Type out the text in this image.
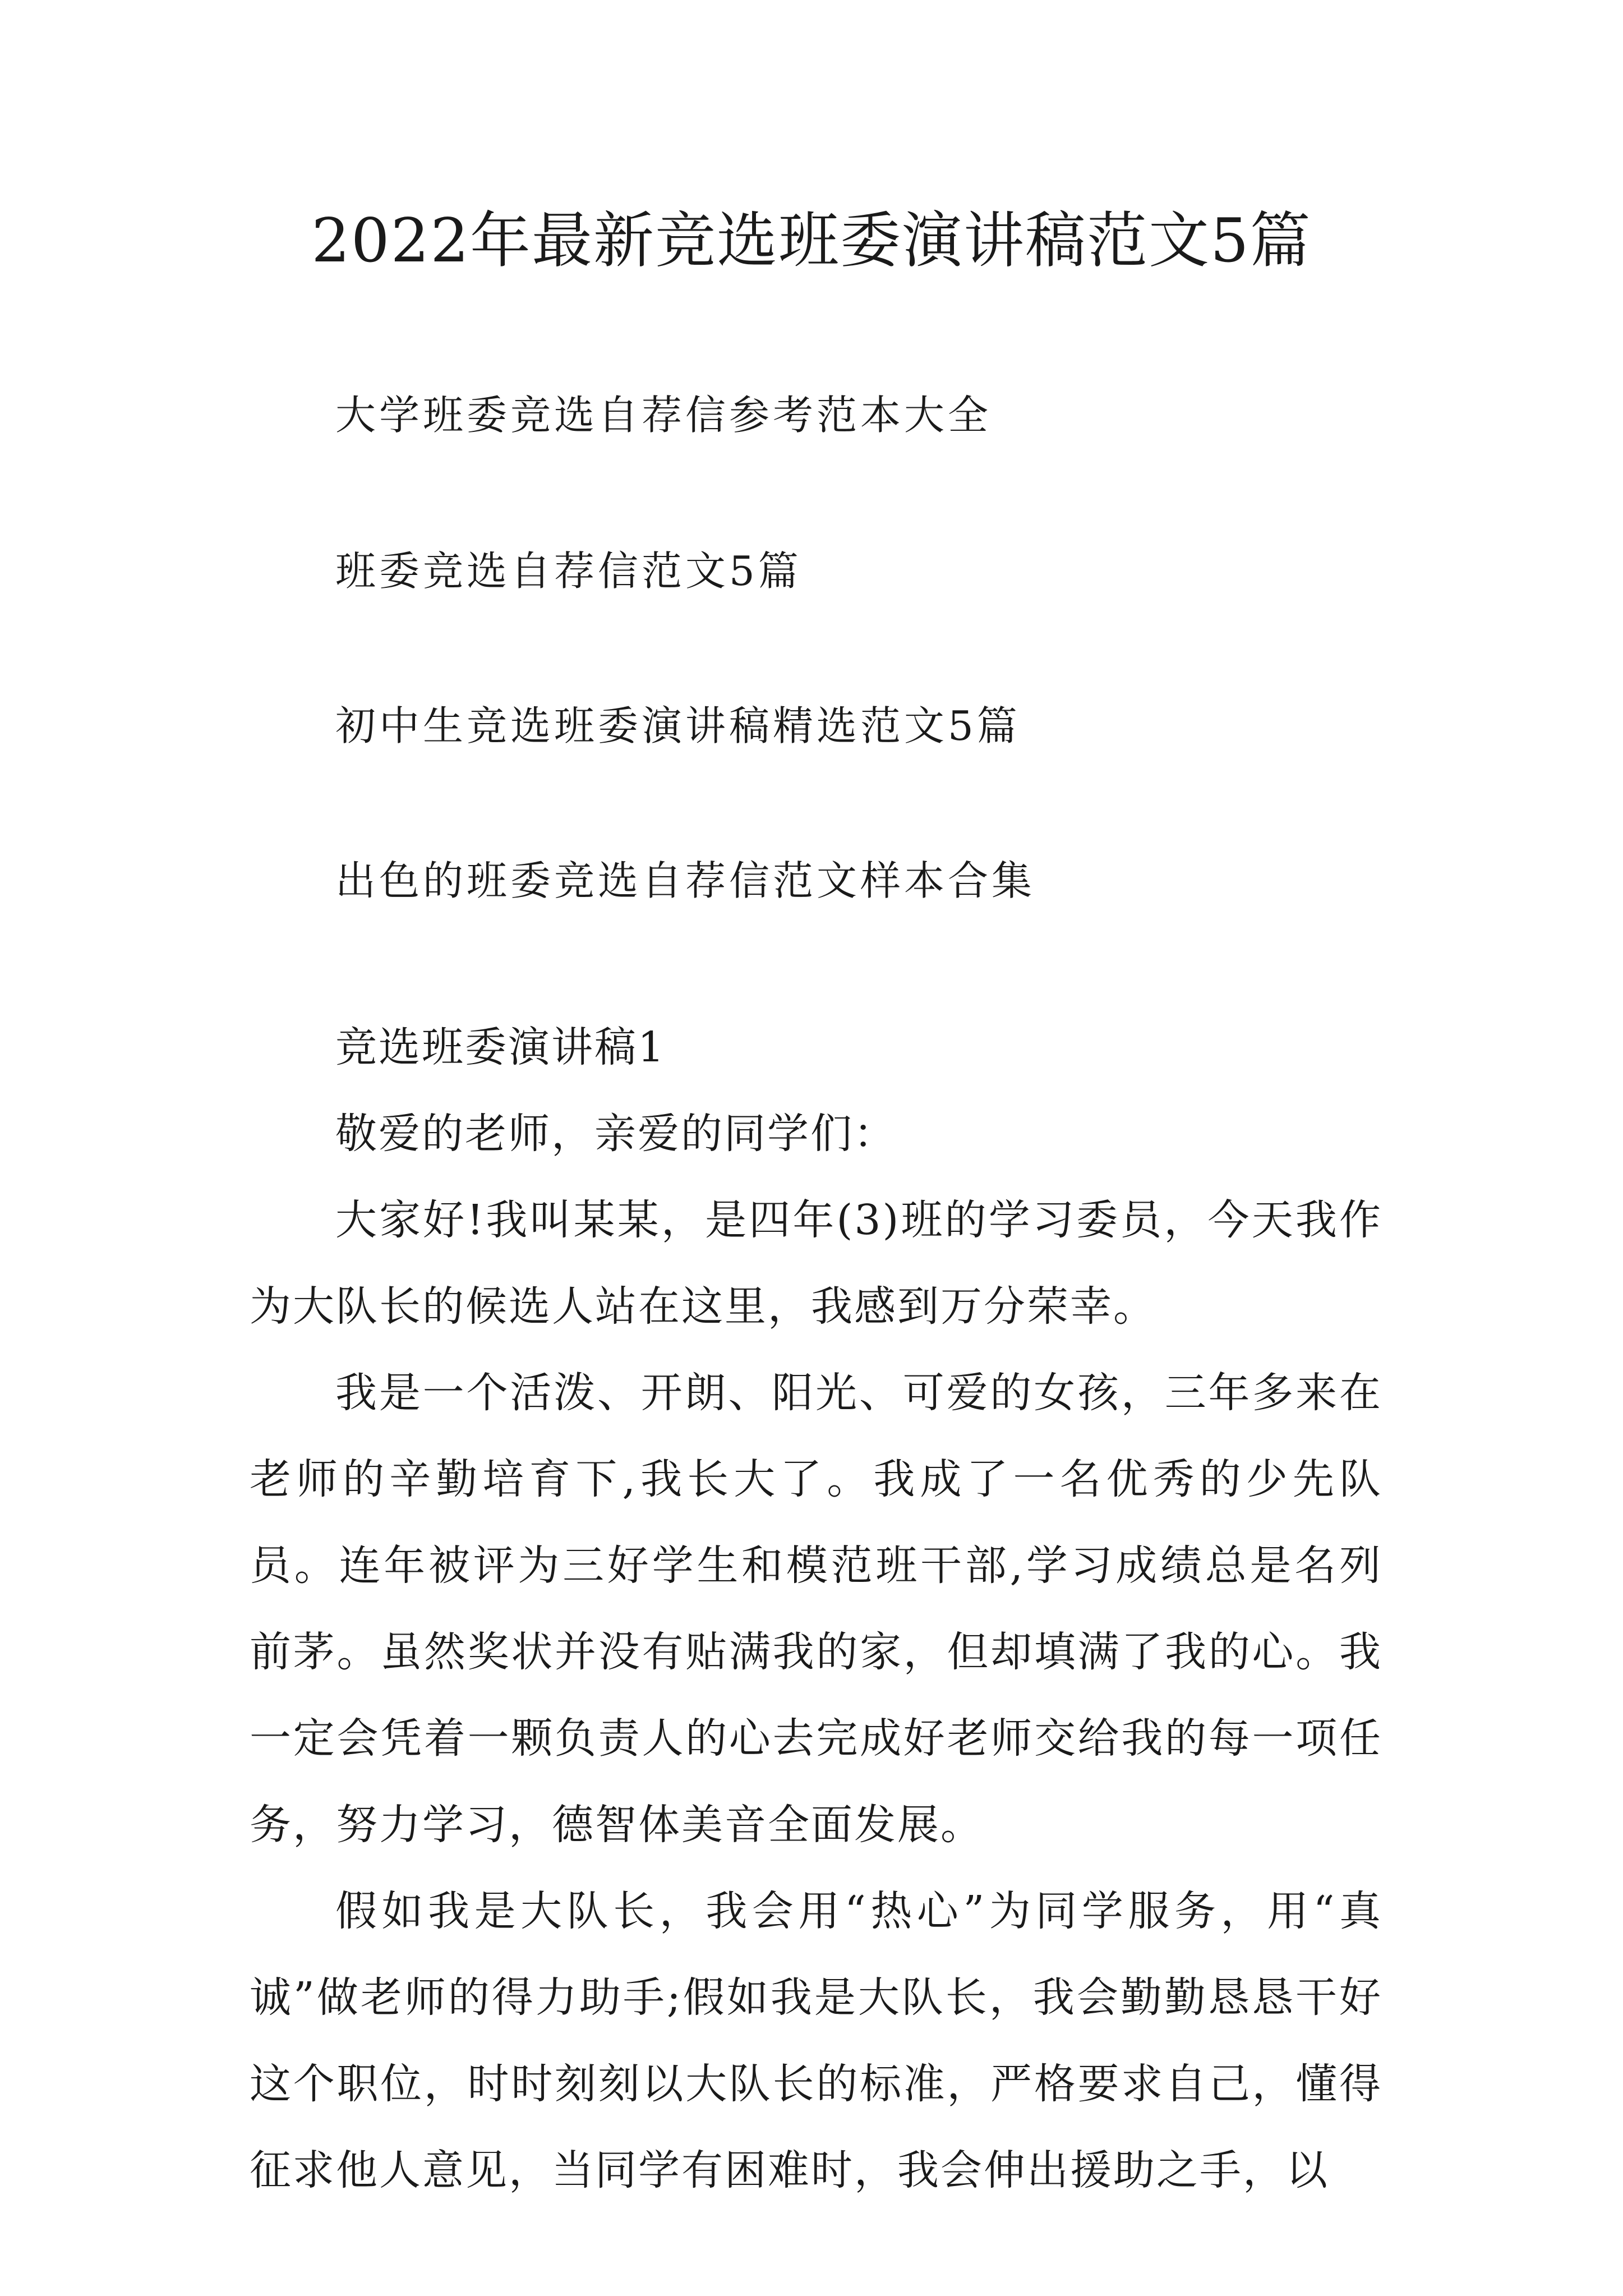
2022年最新竞选班委演讲稿范文5篇
大学班委竞选自荐信参考范本大全
班委竞选自荐信范文5篇
初中生竞选班委演讲稿精选范文5篇
出色的班委竞选自荐信范文样本合集

竞选班委演讲稿1

敬爱的老师，亲爱的同学们：

大家好!我叫某某，是四年(3)班的学习委员，今天我作为大队长的候选人站在这里，我感到万分荣幸。

我是一个活泼、开朗、阳光、可爱的女孩，三年多来在老师的辛勤培育下,我长大了。我成了一名优秀的少先队员。连年被评为三好学生和模范班干部,学习成绩总是名列前茅。虽然奖状并没有贴满我的家，但却填满了我的心。我一定会凭着一颗负责人的心去完成好老师交给我的每一项任务，努力学习，德智体美音全面发展。

假如我是大队长，我会用“热心”为同学服务，用“真诚”做老师的得力助手;假如我是大队长，我会勤勤恳恳干好这个职位，时时刻刻以大队长的标准，严格要求自己，懂得征求他人意见，当同学有困难时，我会伸出援助之手，以
